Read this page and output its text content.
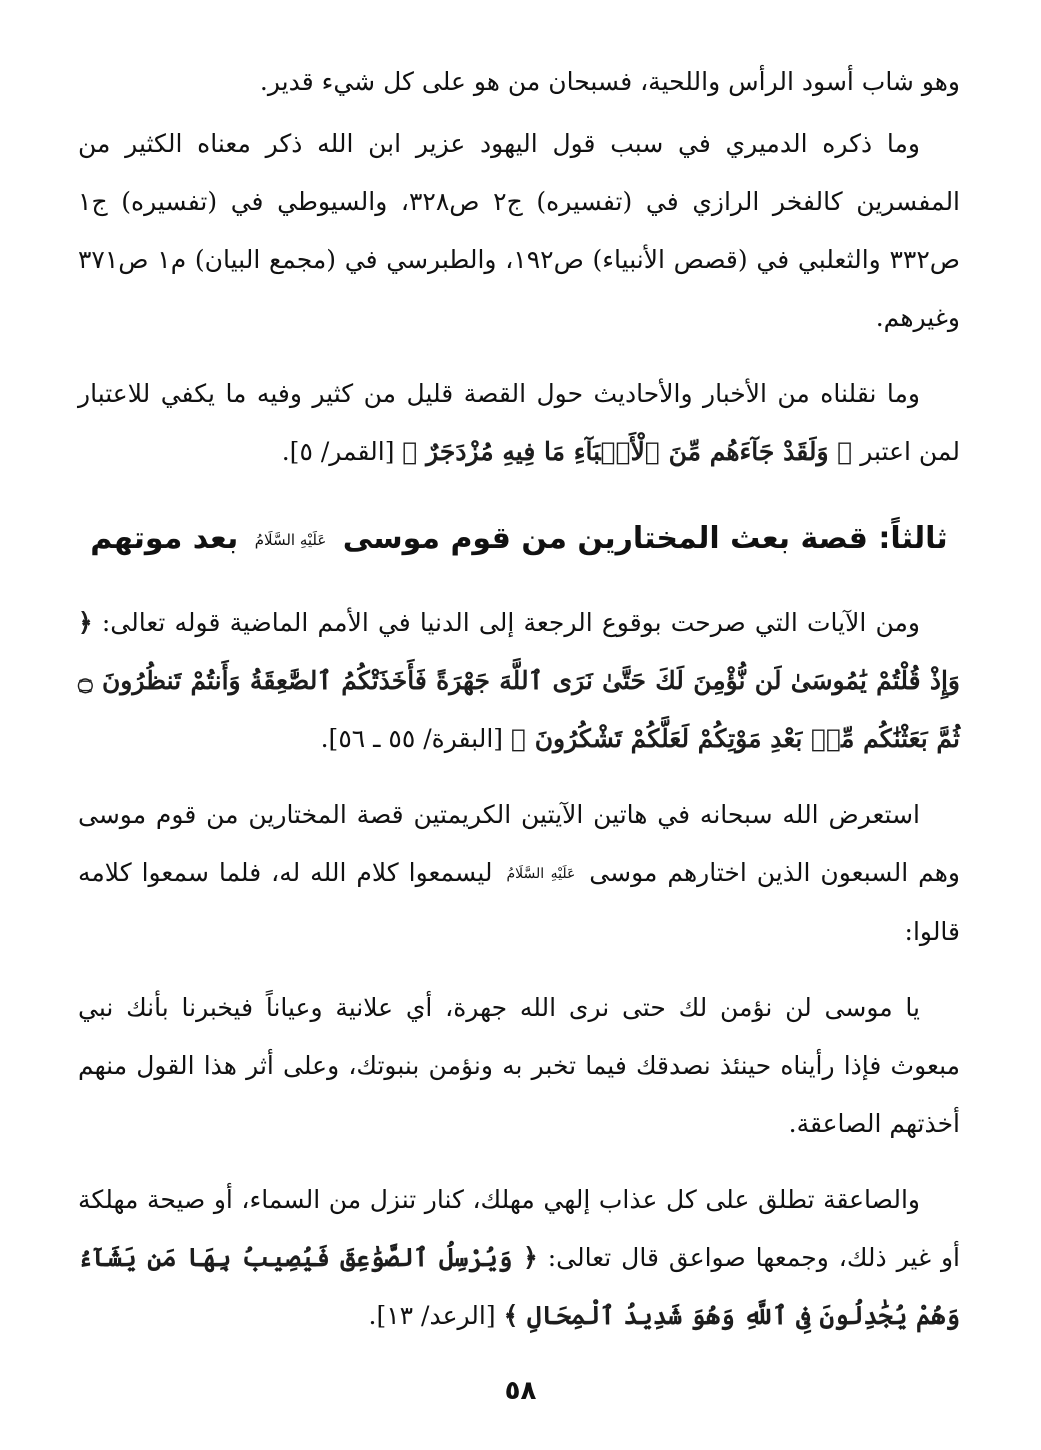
وهو شاب أسود الرأس واللحية، فسبحان من هو على كل شيء قدير.

وما ذكره الدميري في سبب قول اليهود عزير ابن الله ذكر معناه الكثير من المفسرين كالفخر الرازي في (تفسيره) ج٢ ص٣٢٨، والسيوطي في (تفسيره) ج١ ص٣٣٢ والثعلبي في (قصص الأنبياء) ص١٩٢، والطبرسي في (مجمع البيان) م١ ص٣٧١ وغيرهم.

وما نقلناه من الأخبار والأحاديث حول القصة قليل من كثير وفيه ما يكفي للاعتبار لمن اعتبر ﴿ وَلَقَدْ جَآءَهُم مِّنَ ٱلْأَنۢبَآءِ مَا فِيهِ مُزْدَجَرٌ ﴾ [القمر/ ٥].

ثالثاً: قصة بعث المختارين من قوم موسى عَلَيْهِ السَّلَامُ بعد موتهم

ومن الآيات التي صرحت بوقوع الرجعة إلى الدنيا في الأمم الماضية قوله تعالى: ﴿ وَإِذْ قُلْتُمْ يَٰمُوسَىٰ لَن نُّؤْمِنَ لَكَ حَتَّىٰ نَرَى ٱللَّهَ جَهْرَةً فَأَخَذَتْكُمُ ٱلصَّٰعِقَةُ وَأَنتُمْ تَنظُرُونَ ۝ ثُمَّ بَعَثْنَٰكُم مِّنۢ بَعْدِ مَوْتِكُمْ لَعَلَّكُمْ تَشْكُرُونَ ﴾ [البقرة/ ٥٥ ـ ٥٦].

استعرض الله سبحانه في هاتين الآيتين الكريمتين قصة المختارين من قوم موسى وهم السبعون الذين اختارهم موسى عَلَيْهِ السَّلَامُ ليسمعوا كلام الله له، فلما سمعوا كلامه قالوا:

يا موسى لن نؤمن لك حتى نرى الله جهرة، أي علانية وعياناً فيخبرنا بأنك نبي مبعوث فإذا رأيناه حينئذ نصدقك فيما تخبر به ونؤمن بنبوتك، وعلى أثر هذا القول منهم أخذتهم الصاعقة.

والصاعقة تطلق على كل عذاب إلهي مهلك، كنار تنزل من السماء، أو صيحة مهلكة أو غير ذلك، وجمعها صواعق قال تعالى: ﴿ وَيُرْسِلُ ٱلصَّوَٰعِقَ فَيُصِيبُ بِهَا مَن يَشَآءُ وَهُمْ يُجَٰدِلُونَ فِى ٱللَّهِ وَهُوَ شَدِيدُ ٱلْمِحَالِ ﴾ [الرعد/ ١٣].

٥٨
